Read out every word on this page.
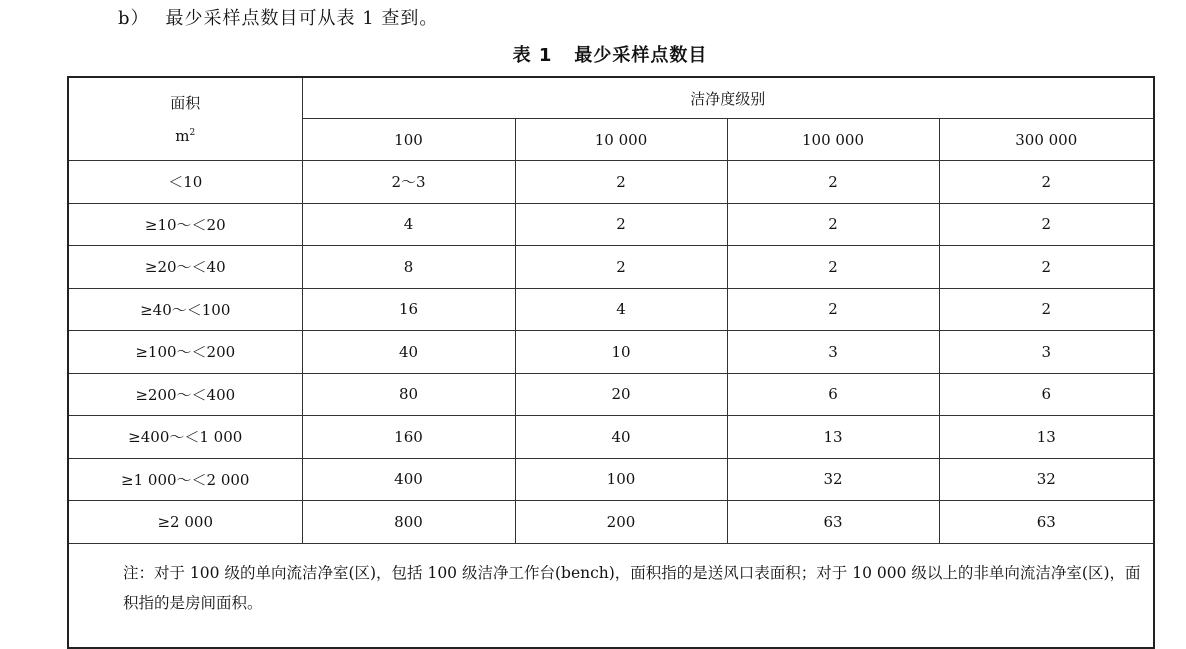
b） 最少采样点数目可从表 1 查到。
表 1 最少采样点数目
面积
$m^2$	洁净度级别			
	100	10 000	100 000	300 000
＜10	2～3	2	2	2
≥10～＜20	4	2	2	2
≥20～＜40	8	2	2	2
≥40～＜100	16	4	2	2
≥100～＜200	40	10	3	3
≥200～＜400	80	20	6	6
≥400～＜1 000	160	40	13	13
≥1 000～＜2 000	400	100	32	32
≥2 000	800	200	63	63
注：对于 100 级的单向流洁净室(区)，包括 100 级洁净工作台(bench)，面积指的是送风口表面积；对于 10 000 级以上的非单向流洁净室(区)，面积指的是房间面积。				
